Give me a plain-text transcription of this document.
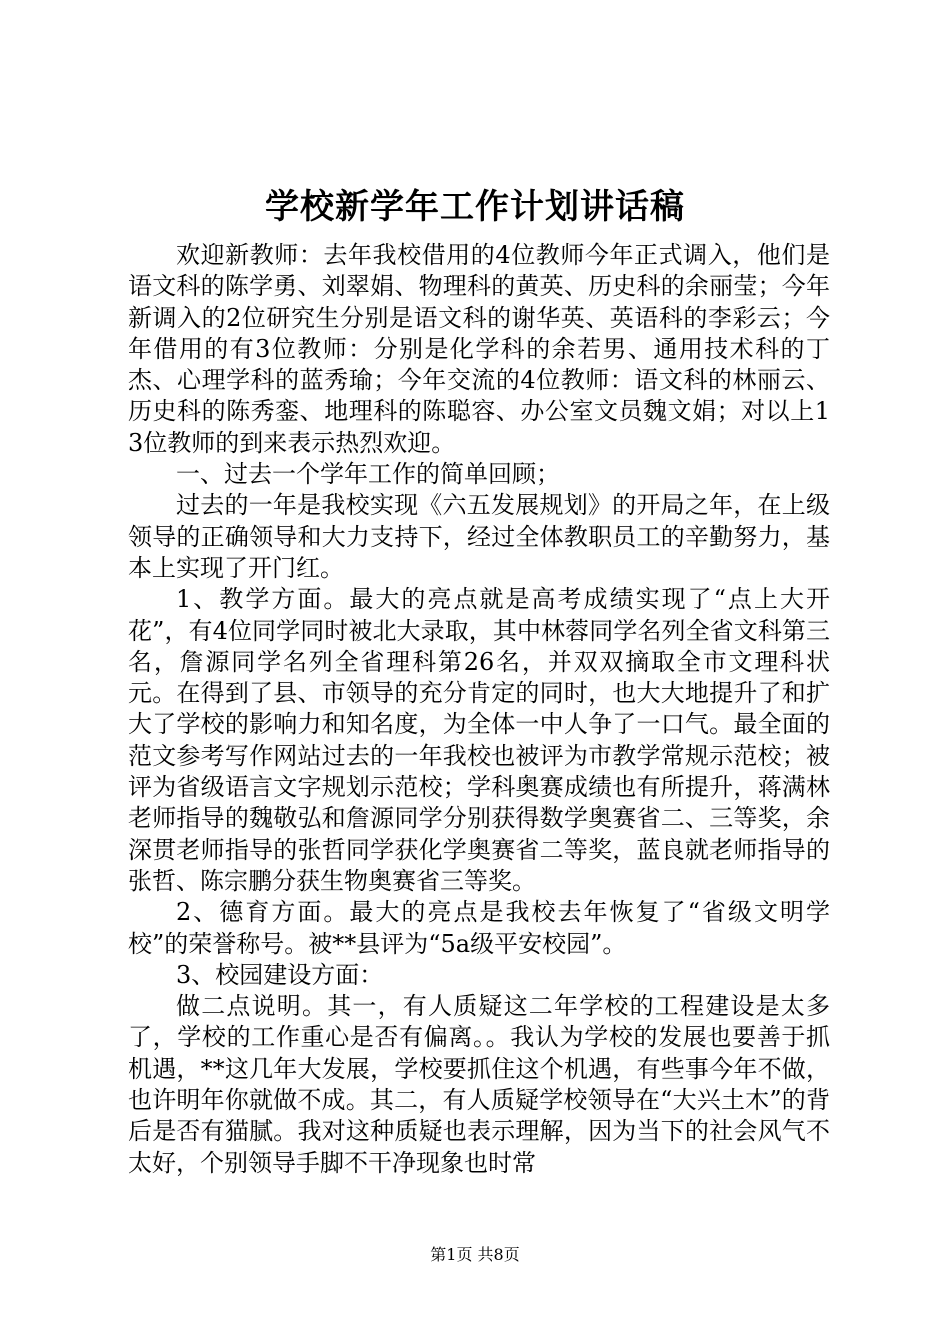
学校新学年工作计划讲话稿

欢迎新教师：去年我校借用的4位教师今年正式调入，他们是语文科的陈学勇、刘翠娟、物理科的黄英、历史科的余丽莹；今年新调入的2位研究生分别是语文科的谢华英、英语科的李彩云；今年借用的有3位教师：分别是化学科的余若男、通用技术科的丁杰、心理学科的蓝秀瑜；今年交流的4位教师：语文科的林丽云、历史科的陈秀銮、地理科的陈聪容、办公室文员魏文娟；对以上13位教师的到来表示热烈欢迎。

一、过去一个学年工作的简单回顾；

过去的一年是我校实现《六五发展规划》的开局之年，在上级领导的正确领导和大力支持下，经过全体教职员工的辛勤努力，基本上实现了开门红。

1、教学方面。最大的亮点就是高考成绩实现了“点上大开花”，有4位同学同时被北大录取，其中林蓉同学名列全省文科第三名，詹源同学名列全省理科第26名，并双双摘取全市文理科状元。在得到了县、市领导的充分肯定的同时，也大大地提升了和扩大了学校的影响力和知名度，为全体一中人争了一口气。最全面的范文参考写作网站过去的一年我校也被评为市教学常规示范校；被评为省级语言文字规划示范校；学科奥赛成绩也有所提升，蒋满林老师指导的魏敬弘和詹源同学分别获得数学奥赛省二、三等奖，余深贯老师指导的张哲同学获化学奥赛省二等奖，蓝良就老师指导的张哲、陈宗鹏分获生物奥赛省三等奖。

2、德育方面。最大的亮点是我校去年恢复了“省级文明学校”的荣誉称号。被**县评为“5a级平安校园”。

3、校园建设方面：

做二点说明。其一，有人质疑这二年学校的工程建设是太多了，学校的工作重心是否有偏离。。我认为学校的发展也要善于抓机遇，**这几年大发展，学校要抓住这个机遇，有些事今年不做，也许明年你就做不成。其二，有人质疑学校领导在“大兴土木”的背后是否有猫腻。我对这种质疑也表示理解，因为当下的社会风气不太好，个别领导手脚不干净现象也时常

第1页 共8页
